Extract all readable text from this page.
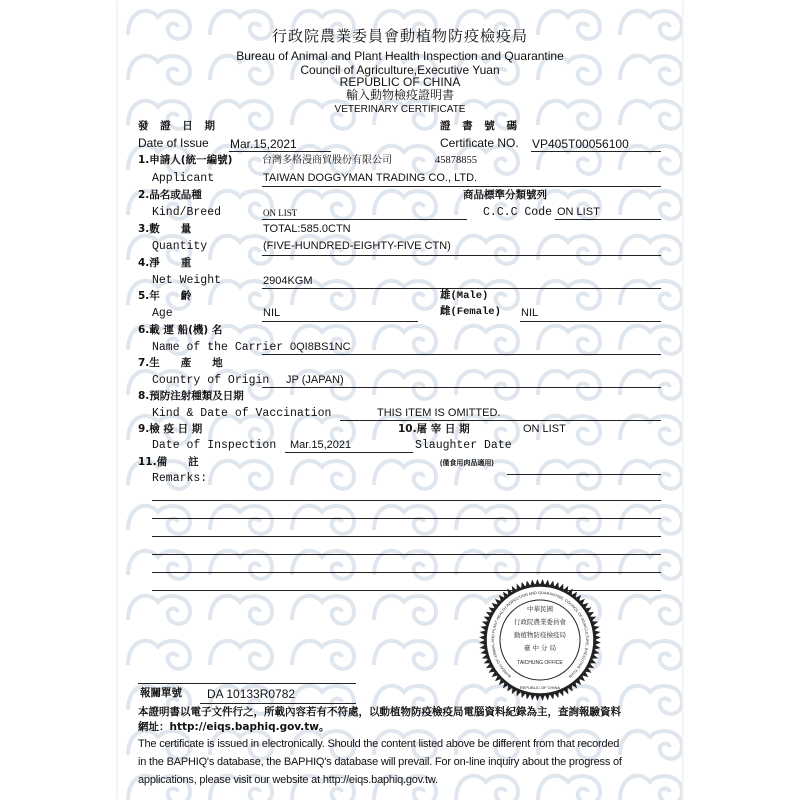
行政院農業委員會動植物防疫檢疫局
Bureau of Animal and Plant Health Inspection and Quarantine
Council of Agriculture,Executive Yuan
REPUBLIC OF CHINA
輸入動物檢疫證明書
VETERINARY CERTIFICATE
發 證 日 期
Date of Issue Mar.15,2021
證 書 號 碼
Certificate NO. VP405T00056100
1.申請人(統一編號)	台灣多格漫商貿股份有限公司	45878855
Applicant	TAIWAN DOGGYMAN TRADING CO., LTD.
2.品名或品種	商品標準分類號列
Kind/Breed	ON LIST	C.C.C Code ON LIST
3.數　　量	TOTAL:585.0CTN
Quantity	(FIVE-HUNDRED-EIGHTY-FIVE CTN)
4.淨　　重
Net Weight	2904KGM
5.年　　齡	雄(Male)
Age	NIL	雌(Female) NIL
6.載 運 船(機) 名
Name of the Carrier 0QI8BS1NC
7.生　　產　　地
Country of Origin JP (JAPAN)
8.預防注射種類及日期
Kind & Date of Vaccination	THIS ITEM IS OMITTED.
9.檢 疫 日 期	10.屠 宰 日 期	ON LIST
Date of Inspection Mar.15,2021	Slaughter Date
11.備　　註	(僅食用肉品適用)
Remarks:
BUREAU OF ANIMAL AND PLANT HEALTH INSPECTION AND QUARANTINE, COUNCIL OF AGRICULTURE, EXECUTIVE YUAN
中華民國
行政院農業委員會
動植物防疫檢疫局
臺 中 分 局
TAICHUNG OFFICE
REPUBLIC OF CHINA
報關單號 DA 10133R0782
本證明書以電子文件行之，所載內容若有不符處，以動植物防疫檢疫局電腦資料紀錄為主，查詢報驗資料
網址：http://eiqs.baphiq.gov.tw。
The certificate is issued in electronically. Should the content listed above be different from that recorded
in the BAPHIQ's database, the BAPHIQ's database will prevail. For on-line inquiry about the progress of
applications, please visit our website at http://eiqs.baphiq.gov.tw.
